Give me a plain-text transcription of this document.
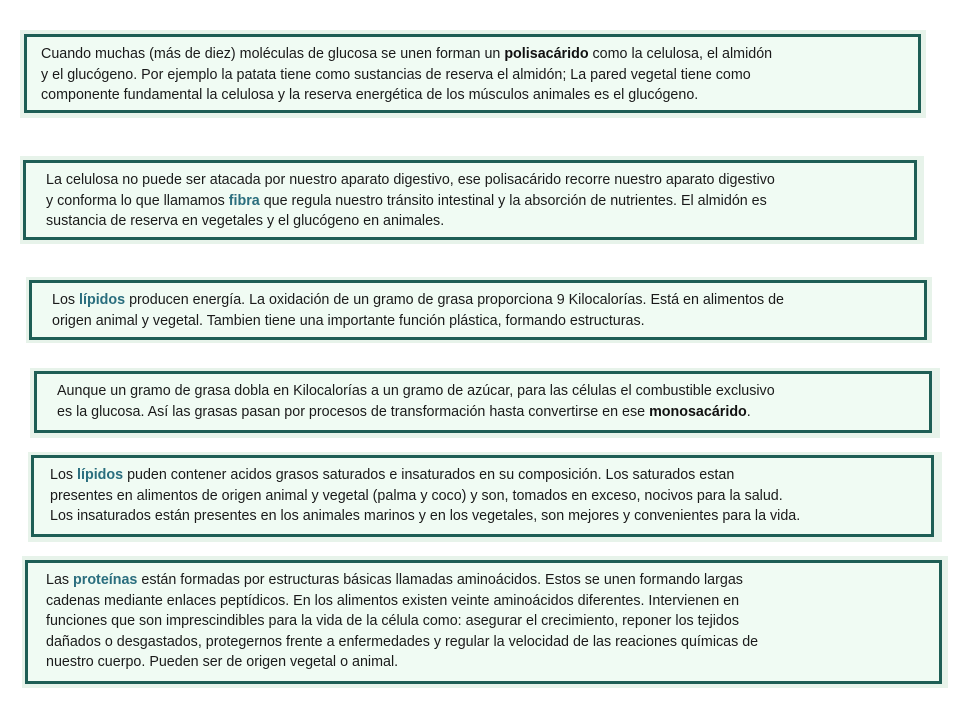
Cuando muchas (más de diez) moléculas de glucosa se unen forman un polisacárido como la celulosa, el almidón

y el glucógeno. Por ejemplo la patata tiene como sustancias de reserva el almidón; La pared vegetal tiene como

componente fundamental la celulosa y la reserva energética de los músculos animales es el glucógeno.

La celulosa no puede ser atacada por nuestro aparato digestivo, ese polisacárido recorre nuestro aparato digestivo

y conforma lo que llamamos fibra que regula nuestro tránsito intestinal y la absorción de nutrientes. El almidón es

sustancia de reserva en vegetales y el glucógeno en animales.

Los lípidos producen energía. La oxidación de un gramo de grasa proporciona 9 Kilocalorías. Está en alimentos de

origen animal y vegetal. Tambien tiene una importante función plástica, formando estructuras.

Aunque un gramo de grasa dobla en Kilocalorías a un gramo de azúcar, para las células el combustible exclusivo

es la glucosa. Así las grasas pasan por procesos de transformación hasta convertirse en ese monosacárido.

Los lípidos puden contener acidos grasos saturados e insaturados en su composición. Los saturados estan

presentes en alimentos de origen animal y vegetal (palma y coco) y son, tomados en exceso, nocivos para la salud.

Los insaturados están presentes en los animales marinos y en los vegetales, son mejores y convenientes para la vida.

Las proteínas están formadas por estructuras básicas llamadas aminoácidos. Estos se unen formando largas

cadenas mediante enlaces peptídicos. En los alimentos existen veinte aminoácidos diferentes. Intervienen en

funciones que son imprescindibles para la vida de la célula como: asegurar el crecimiento, reponer los tejidos

dañados o desgastados, protegernos frente a enfermedades y regular la velocidad de las reaciones químicas de

nuestro cuerpo. Pueden ser de origen vegetal o animal.
